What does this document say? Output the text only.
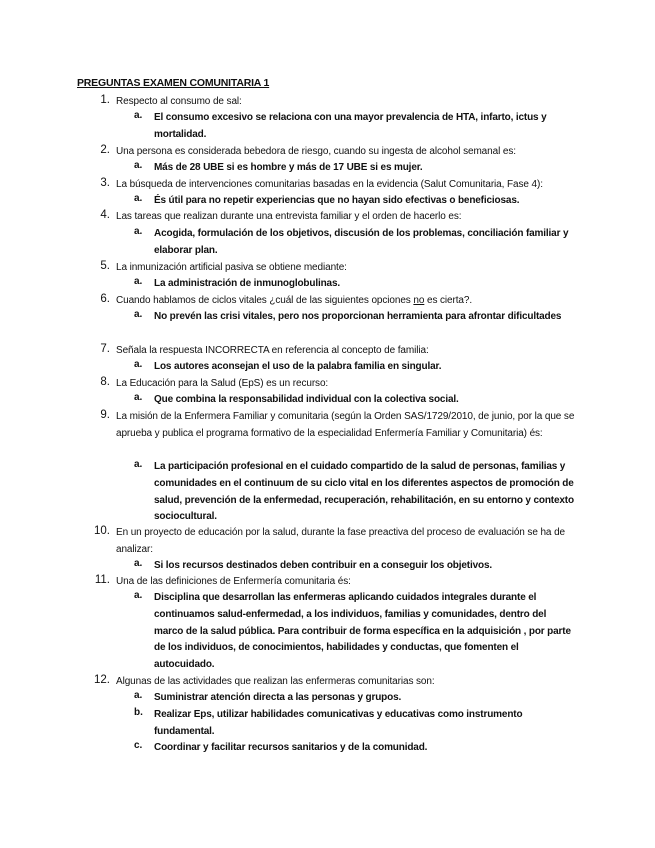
PREGUNTAS EXAMEN COMUNITARIA 1
1. Respecto al consumo de sal:
a. El consumo excesivo se relaciona con una mayor prevalencia de HTA, infarto, ictus y mortalidad.
2. Una persona es considerada bebedora de riesgo, cuando su ingesta de alcohol semanal es:
a. Más de 28 UBE si es hombre y más de 17 UBE si es mujer.
3. La búsqueda de intervenciones comunitarias basadas en la evidencia (Salut Comunitaria, Fase 4):
a. És útil para no repetir experiencias que no hayan sido efectivas o beneficiosas.
4. Las tareas que realizan durante una entrevista familiar y el orden de hacerlo es:
a. Acogida, formulación de los objetivos, discusión de los problemas, conciliación familiar y elaborar plan.
5. La inmunización artificial pasiva se obtiene mediante:
a. La administración de inmunoglobulinas.
6. Cuando hablamos de ciclos vitales ¿cuál de las siguientes opciones no es cierta?.
a. No prevén las crisi vitales, pero nos proporcionan herramienta para afrontar dificultades
7. Señala la respuesta INCORRECTA en referencia al concepto de familia:
a. Los autores aconsejan el uso de la palabra familia en singular.
8. La Educación para la Salud (EpS) es un recurso:
a. Que combina la responsabilidad individual con la colectiva social.
9. La misión de la Enfermera Familiar y comunitaria (según la Orden SAS/1729/2010, de junio, por la que se aprueba y publica el programa formativo de la especialidad Enfermería Familiar y Comunitaria) és:
a. La participación profesional en el cuidado compartido de la salud de personas, familias y comunidades en el continuum de su ciclo vital en los diferentes aspectos de promoción de salud, prevención de la enfermedad, recuperación, rehabilitación, en su entorno y contexto sociocultural.
10. En un proyecto de educación por la salud, durante la fase preactiva del proceso de evaluación se ha de analizar:
a. Si los recursos destinados deben contribuir en a conseguir los objetivos.
11. Una de las definiciones de Enfermería comunitaria és:
a. Disciplina que desarrollan las enfermeras aplicando cuidados integrales durante el continuamos salud-enfermedad, a los individuos, familias y comunidades, dentro del marco de la salud pública. Para contribuir de forma específica en la adquisición , por parte de los individuos, de conocimientos, habilidades y conductas, que fomenten el autocuidado.
12. Algunas de las actividades que realizan las enfermeras comunitarias son:
a. Suministrar atención directa a las personas y grupos.
b. Realizar Eps, utilizar habilidades comunicativas y educativas como instrumento fundamental.
c. Coordinar y facilitar recursos sanitarios y de la comunidad.
